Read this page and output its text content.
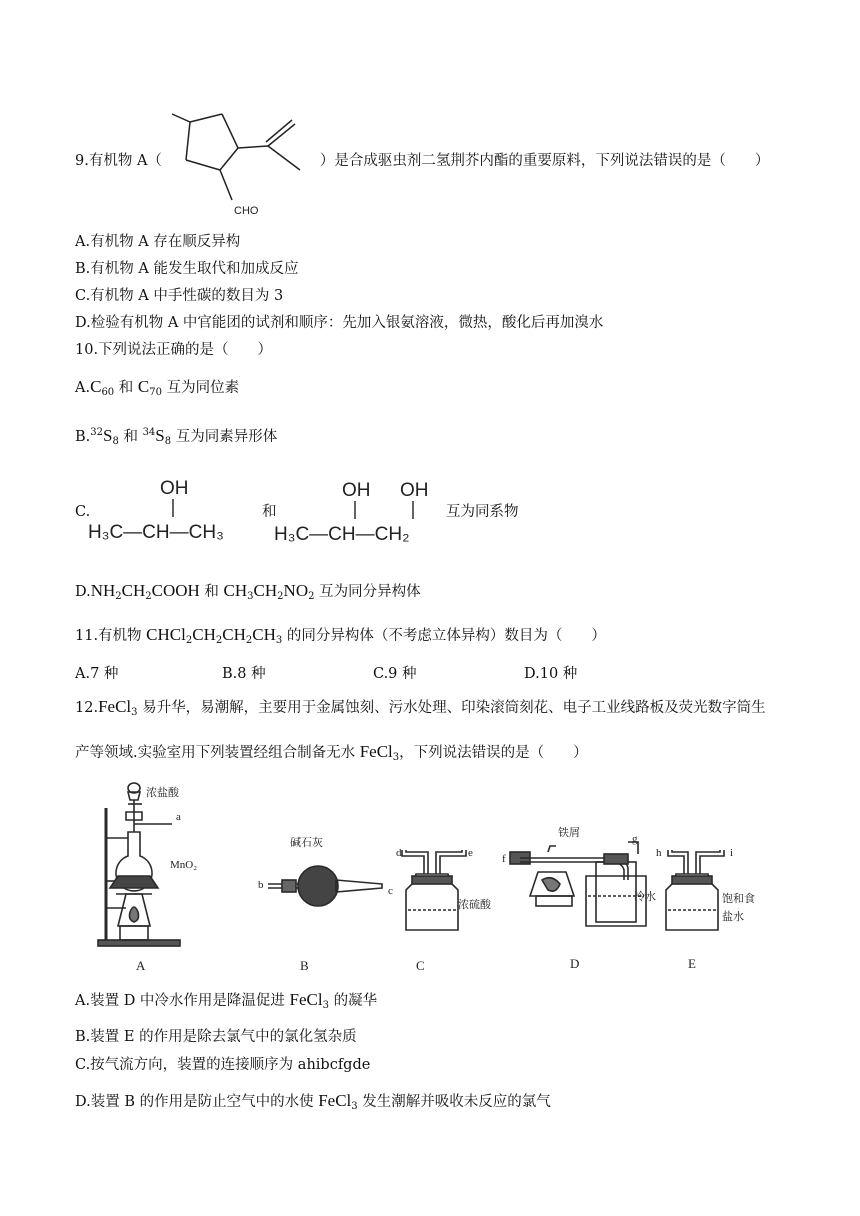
9.有机物 A（	）是合成驱虫剂二氢荆芥内酯的重要原料，下列说法错误的是（　　）
CHO
A.有机物 A 存在顺反异构
B.有机物 A 能发生取代和加成反应
C.有机物 A 中手性碳的数目为 3
D.检验有机物 A 中官能团的试剂和顺序：先加入银氨溶液，微热，酸化后再加溴水
10.下列说法正确的是（　　）
$A.C_{60}$ 和 $C_{70}$ 互为同位素
$B.^{32}S_8$ 和 $^{34}S_8$ 互为同素异形体
C.
OH
H₃C—CH—CH₃
和
OH OH
H₃C—CH—CH₂
互为同系物
$D.NH_2CH_2COOH$ 和 $CH_3CH_2NO_2$ 互为同分异构体
11.有机物 $CHCl_2CH_2CH_2CH_3$ 的同分异构体（不考虑立体异构）数目为（　　）
A.7 种	B.8 种	C.9 种	D.10 种
12.FeCl$_3$ 易升华，易潮解，主要用于金属蚀刻、污水处理、印染滚筒刻花、电子工业线路板及荧光数字筒生
产等领域.实验室用下列装置经组合制备无水 FeCl$_3$，下列说法错误的是（　　）
浓盐酸
a
MnO₂
碱石灰
b	c
d	e
浓硫酸
铁屑
f
g
冷水
h	i
饱和食
盐水
A	B	C	D	E
A.装置 D 中冷水作用是降温促进 FeCl$_3$ 的凝华
B.装置 E 的作用是除去氯气中的氯化氢杂质
C.按气流方向，装置的连接顺序为 ahibcfgde
D.装置 B 的作用是防止空气中的水使 FeCl$_3$ 发生潮解并吸收未反应的氯气
